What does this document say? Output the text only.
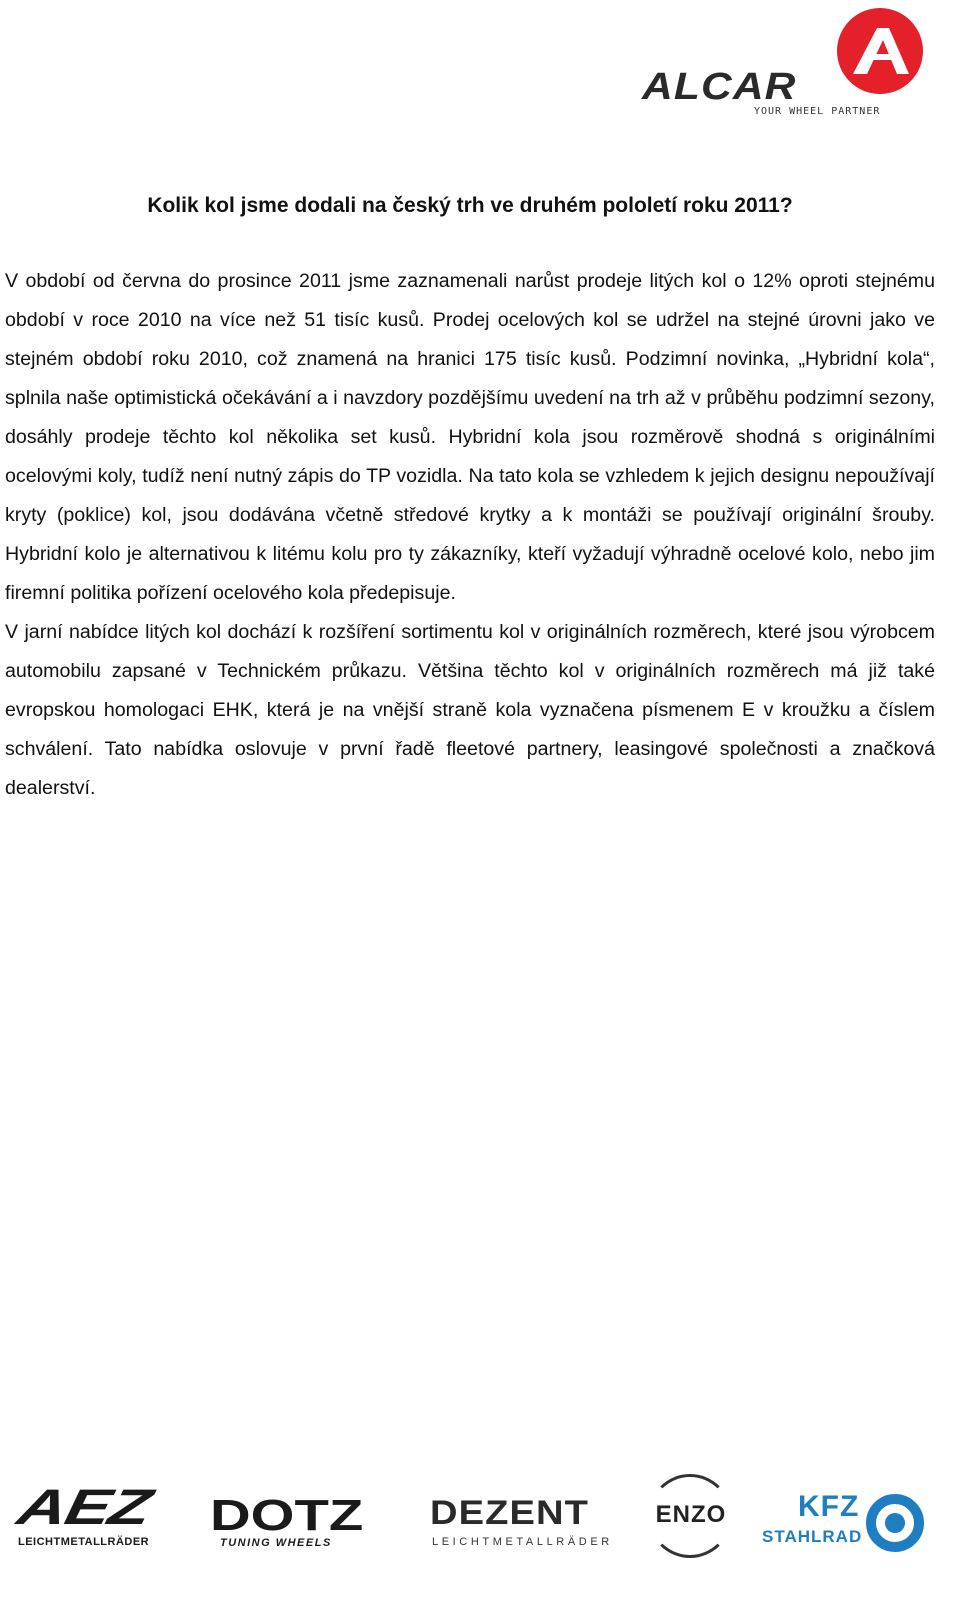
ALCAR
YOUR WHEEL PARTNER
Kolik kol jsme dodali na český trh ve druhém pololetí roku 2011?

V období od června do prosince 2011 jsme zaznamenali narůst prodeje litých kol o 12% oproti stejnému období v roce 2010 na více než 51 tisíc kusů. Prodej ocelových kol se udržel na stejné úrovni jako ve stejném období roku 2010, což znamená na hranici 175 tisíc kusů. Podzimní novinka, „Hybridní kola“, splnila naše optimistická očekávání a i navzdory pozdějšímu uvedení na trh až v průběhu podzimní sezony, dosáhly prodeje těchto kol několika set kusů. Hybridní kola jsou rozměrově shodná s originálními ocelovými koly, tudíž není nutný zápis do TP vozidla. Na tato kola se vzhledem k jejich designu nepoužívají kryty (poklice) kol, jsou dodávána včetně středové krytky a k montáži se používají originální šrouby. Hybridní kolo je alternativou k litému kolu pro ty zákazníky, kteří vyžadují výhradně ocelové kolo, nebo jim firemní politika pořízení ocelového kola předepisuje.

V jarní nabídce litých kol dochází k rozšíření sortimentu kol v originálních rozměrech, které jsou výrobcem automobilu zapsané v Technickém průkazu. Většina těchto kol v originálních rozměrech má již také evropskou homologaci EHK, která je na vnější straně kola vyznačena písmenem E v kroužku a číslem schválení. Tato nabídka oslovuje v první řadě fleetové partnery, leasingové společnosti a značková dealerství.

AEZ
LEICHTMETALLRÄDER
DOTZ
TUNING WHEELS
DEZENT
LEICHTMETALLRÄDER
ENZO	KFZ
STAHLRAD
